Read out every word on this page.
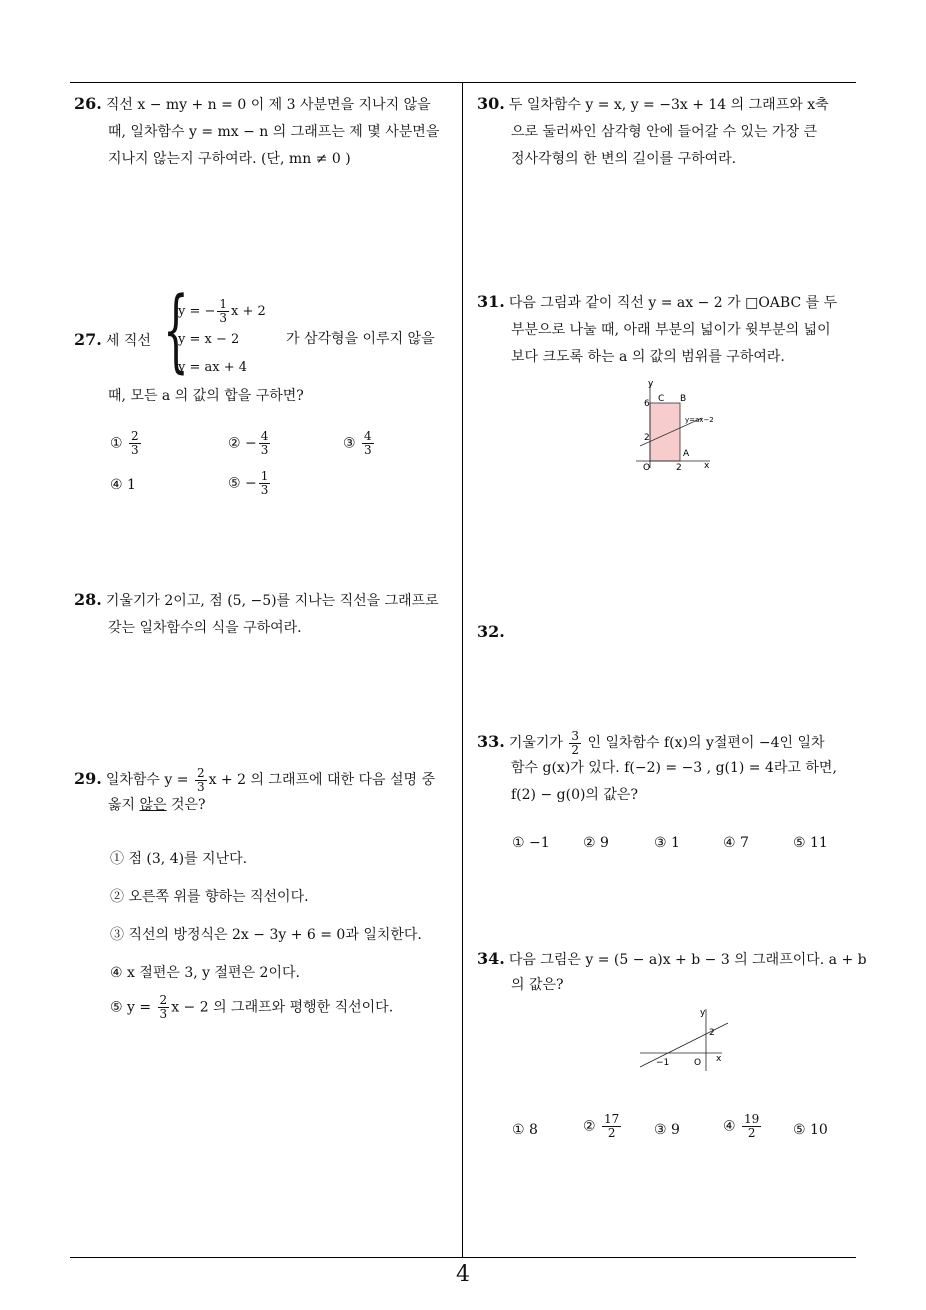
26. 직선 x − my + n = 0 이 제 3 사분면을 지나지 않을
때, 일차함수 y = mx − n 의 그래프는 제 몇 사분면을
지나지 않는지 구하여라. (단, mn ≠ 0 )
27. 세 직선 {
y = − $\frac{1}{3}$ x + 2
y = x − 2
y = ax + 4
가 삼각형을 이루지 않을
때, 모든 a 의 값의 합을 구하면?
① $\frac{2}{3}$	② − $\frac{4}{3}$	③ $\frac{4}{3}$
④ 1	⑤ − $\frac{1}{3}$
28. 기울기가 2이고, 점 (5, −5)를 지나는 직선을 그래프로
갖는 일차함수의 식을 구하여라.
29. 일차함수 $y = \frac{2}{3}$ x + 2 의 그래프에 대한 다음 설명 중
옳지 않은 것은?
① 점 (3, 4)를 지난다.
② 오른쪽 위를 향하는 직선이다.
③ 직선의 방정식은 2x − 3y + 6 = 0과 일치한다.
④ x 절편은 3, y 절편은 2이다.
⑤ $y = \frac{2}{3}$ x − 2 의 그래프와 평행한 직선이다.
30. 두 일차함수 y = x, y = −3x + 14 의 그래프와 x축
으로 둘러싸인 삼각형 안에 들어갈 수 있는 가장 큰
정사각형의 한 변의 길이를 구하여라.
31. 다음 그림과 같이 직선 y = ax − 2 가 □OABC 를 두
부분으로 나눌 때, 아래 부분의 넓이가 윗부분의 넓이
보다 크도록 하는 a 의 값의 범위를 구하여라.
y
x
C B
A
O
6
2
2
y=ax−2
32.
33. 기울기가 $\frac{3}{2}$ 인 일차함수 f(x)의 y절편이 −4인 일차
함수 g(x)가 있다. f(−2) = −3 , g(1) = 4라고 하면,
f(2) − g(0)의 값은?
① −1 ② 9	③ 1	④ 7	⑤ 11
34. 다음 그림은 y = (5 − a)x + b − 3 의 그래프이다. a + b
의 값은?
y
x
2
−1	O
① 8	② $\frac{17}{2}$ ③ 9	④ $\frac{19}{2}$ ⑤ 10
4
